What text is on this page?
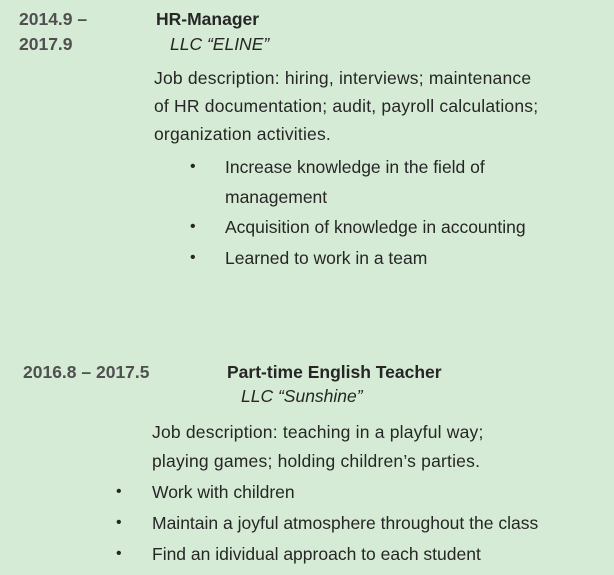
2014.9 –
2017.9
HR-Manager
LLC “ELINE”
Job description: hiring, interviews; maintenance
of HR documentation; audit, payroll calculations;
organization activities.
• Increase knowledge in the field of
management
• Acquisition of knowledge in accounting
• Learned to work in a team
2016.8 – 2017.5	Part-time English Teacher
LLC “Sunshine”
Job description: teaching in a playful way;
playing games; holding children’s parties.
• Work with children
• Maintain a joyful atmosphere throughout the class
• Find an idividual approach to each student
